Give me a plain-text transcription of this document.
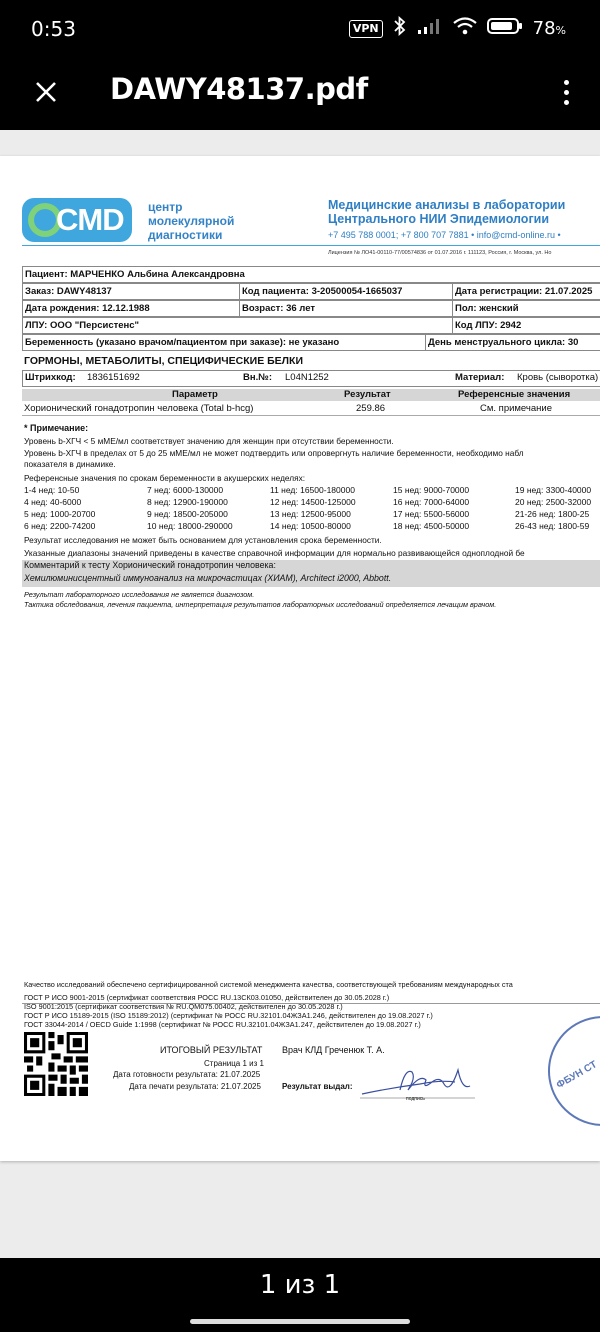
0:53	VPN	78%
DAWY48137.pdf
CMD центр
молекулярной
диагностики
Медицинские анализы в лаборатории
Центрального НИИ Эпидемиологии
+7 495 788 0001; +7 800 707 7881 • info@cmd-online.ru •
Лицензия № ЛО41-00110-77/00574836 от 01.07.2016 г. 111123, Россия, г. Москва, ул. Но
Пациент: МАРЧЕНКО Альбина Александровна
Заказ: DAWY48137	Код пациента: 3-20500054-1665037	Дата регистрации: 21.07.2025
Дата рождения: 12.12.1988	Возраст: 36 лет	Пол: женский
ЛПУ: ООО "Персистенс"	Код ЛПУ: 2942
Беременность (указано врачом/пациентом при заказе): не указано	День менструального цикла: 30
ГОРМОНЫ, МЕТАБОЛИТЫ, СПЕЦИФИЧЕСКИЕ БЕЛКИ
Штрихкод: 1836151692	Вн.№: L04N1252	Материал: Кровь (сыворотка)
Параметр	Результат	Референсные значения
Хорионический гонадотропин человека (Total b-hcg)	259.86	См. примечание
* Примечание:
Уровень b-ХГЧ < 5 мМЕ/мл соответствует значению для женщин при отсутствии беременности.
Уровень b-ХГЧ в пределах от 5 до 25 мМЕ/мл не может подтвердить или опровергнуть наличие беременности, необходимо набл
показателя в динамике.
Референсные значения по срокам беременности в акушерских неделях:
1-4 нед: 10-50	7 нед: 6000-130000	11 нед: 16500-180000	15 нед: 9000-70000	19 нед: 3300-40000
4 нед: 40-6000	8 нед: 12900-190000	12 нед: 14500-125000	16 нед: 7000-64000	20 нед: 2500-32000
5 нед: 1000-20700	9 нед: 18500-205000	13 нед: 12500-95000	17 нед: 5500-56000	21-26 нед: 1800-25
6 нед: 2200-74200	10 нед: 18000-290000	14 нед: 10500-80000	18 нед: 4500-50000	26-43 нед: 1800-59
Результат исследования не может быть основанием для установления срока беременности.
Указанные диапазоны значений приведены в качестве справочной информации для нормально развивающейся одноплодной бе
Комментарий к тесту Хорионический гонадотропин человека:
Хемилюминисцентный иммуноанализ на микрочастицах (ХИАМ), Architect i2000, Abbott.
Результат лабораторного исследования не является диагнозом.
Тактика обследования, лечения пациента, интерпретация результатов лабораторных исследований определяется лечащим врачом.
Качество исследований обеспечено сертифицированной системой менеджмента качества, соответствующей требованиям международных ста
ГОСТ Р ИСО 9001-2015 (сертификат соответствия РОСС RU.13СК03.01050, действителен до 30.05.2028 г.)
ISO 9001:2015 (сертификат соответствия № RU.QM075.00402, действителен до 30.05.2028 г.)
ГОСТ Р ИСО 15189-2015 (ISO 15189:2012) (сертификат № РОСС RU.32101.04ЖЗА1.246, действителен до 19.08.2027 г.)
ГОСТ 33044-2014 / OECD Guide 1:1998 (сертификат № РОСС RU.32101.04ЖЗА1.247, действителен до 19.08.2027 г.)
ИТОГОВЫЙ РЕЗУЛЬТАТ Врач КЛД Греченюк Т. А.
Страница 1 из 1
Дата готовности результата: 21.07.2025
Дата печати результата: 21.07.2025	Результат выдал:
подпись
ФБУН СТ
1 из 1
